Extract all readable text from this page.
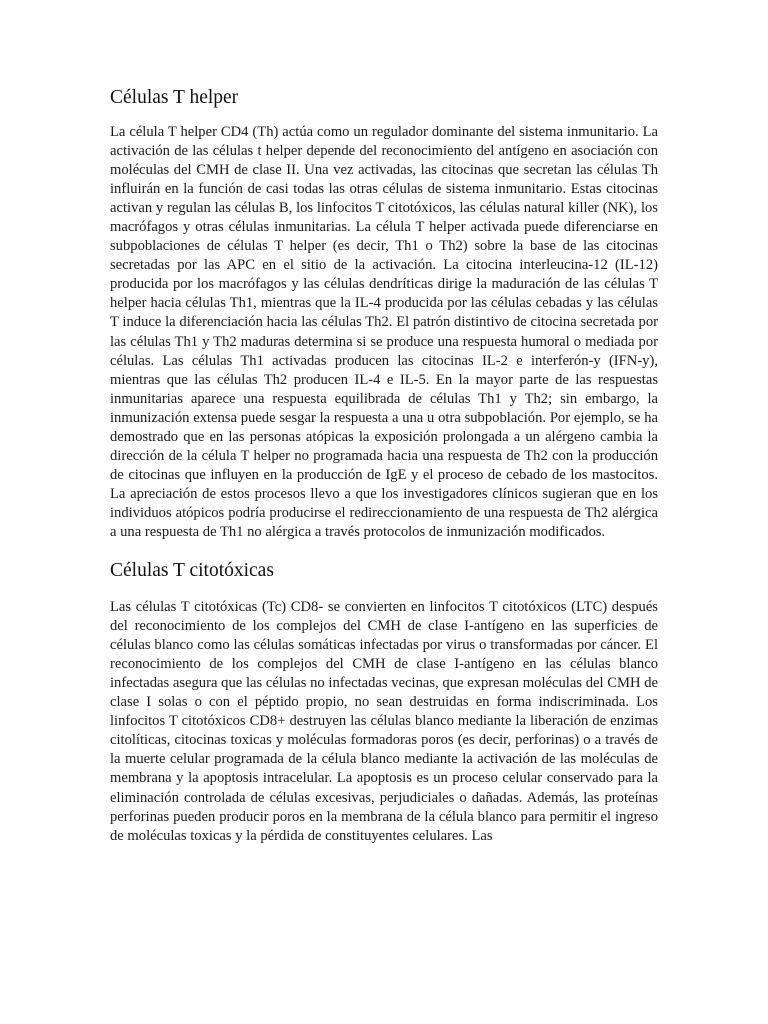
Células T helper

La célula T helper CD4 (Th) actúa como un regulador dominante del sistema inmunitario. La activación de las células t helper depende del reconocimiento del antígeno en asociación con moléculas del CMH de clase II. Una vez activadas, las citocinas que secretan las células Th influirán en la función de casi todas las otras células de sistema inmunitario. Estas citocinas activan y regulan las células B, los linfocitos T citotóxicos, las células natural killer (NK), los macrófagos y otras células inmunitarias. La célula T helper activada puede diferenciarse en subpoblaciones de células T helper (es decir, Th1 o Th2) sobre la base de las citocinas secretadas por las APC en el sitio de la activación. La citocina interleucina-12 (IL-12) producida por los macrófagos y las células dendríticas dirige la maduración de las células T helper hacia células Th1, mientras que la IL-4 producida por las células cebadas y las células T induce la diferenciación hacia las células Th2. El patrón distintivo de citocina secretada por las células Th1 y Th2 maduras determina si se produce una respuesta humoral o mediada por células. Las células Th1 activadas producen las citocinas IL-2 e interferón-y (IFN-y), mientras que las células Th2 producen IL-4 e IL-5. En la mayor parte de las respuestas inmunitarias aparece una respuesta equilibrada de células Th1 y Th2; sin embargo, la inmunización extensa puede sesgar la respuesta a una u otra subpoblación. Por ejemplo, se ha demostrado que en las personas atópicas la exposición prolongada a un alérgeno cambia la dirección de la célula T helper no programada hacia una respuesta de Th2 con la producción de citocinas que influyen en la producción de IgE y el proceso de cebado de los mastocitos. La apreciación de estos procesos llevo a que los investigadores clínicos sugieran que en los individuos atópicos podría producirse el redireccionamiento de una respuesta de Th2 alérgica a una respuesta de Th1 no alérgica a través protocolos de inmunización modificados.

Células T citotóxicas

Las células T citotóxicas (Tc) CD8- se convierten en linfocitos T citotóxicos (LTC) después del reconocimiento de los complejos del CMH de clase I-antígeno en las superficies de células blanco como las células somáticas infectadas por virus o transformadas por cáncer. El reconocimiento de los complejos del CMH de clase I-antígeno en las células blanco infectadas asegura que las células no infectadas vecinas, que expresan moléculas del CMH de clase I solas o con el péptido propio, no sean destruidas en forma indiscriminada. Los linfocitos T citotóxicos CD8+ destruyen las células blanco mediante la liberación de enzimas citolíticas, citocinas toxicas y moléculas formadoras poros (es decir, perforinas) o a través de la muerte celular programada de la célula blanco mediante la activación de las moléculas de membrana y la apoptosis intracelular. La apoptosis es un proceso celular conservado para la eliminación controlada de células excesivas, perjudiciales o dañadas. Además, las proteínas perforinas pueden producir poros en la membrana de la célula blanco para permitir el ingreso de moléculas toxicas y la pérdida de constituyentes celulares. Las
